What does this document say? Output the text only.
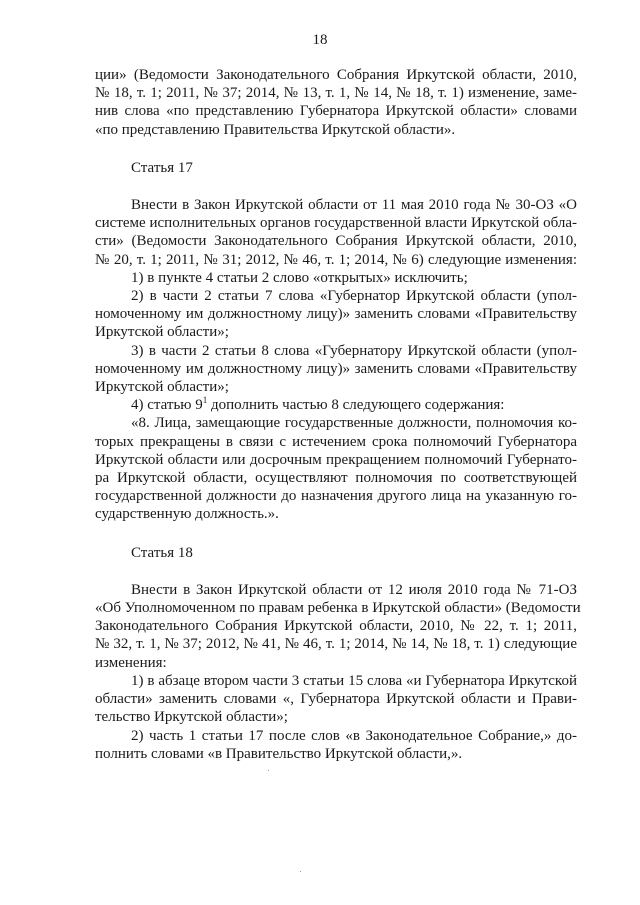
18
ции» (Ведомости Законодательного Собрания Иркутской области, 2010,
№ 18, т. 1; 2011, № 37; 2014, № 13, т. 1, № 14, № 18, т. 1) изменение, заме-
нив слова «по представлению Губернатора Иркутской области» словами
«по представлению Правительства Иркутской области».
Статья 17
Внести в Закон Иркутской области от 11 мая 2010 года № 30-ОЗ «О
системе исполнительных органов государственной власти Иркутской обла-
сти» (Ведомости Законодательного Собрания Иркутской области, 2010,
№ 20, т. 1; 2011, № 31; 2012, № 46, т. 1; 2014, № 6) следующие изменения:
1) в пункте 4 статьи 2 слово «открытых» исключить;
2) в части 2 статьи 7 слова «Губернатор Иркутской области (упол-
номоченному им должностному лицу)» заменить словами «Правительству
Иркутской области»;
3) в части 2 статьи 8 слова «Губернатору Иркутской области (упол-
номоченному им должностному лицу)» заменить словами «Правительству
Иркутской области»;
4) статью $9^1$ дополнить частью 8 следующего содержания:
«8. Лица, замещающие государственные должности, полномочия ко-
торых прекращены в связи с истечением срока полномочий Губернатора
Иркутской области или досрочным прекращением полномочий Губернато-
ра Иркутской области, осуществляют полномочия по соответствующей
государственной должности до назначения другого лица на указанную го-
сударственную должность.».
Статья 18
Внести в Закон Иркутской области от 12 июля 2010 года № 71-ОЗ
«Об Уполномоченном по правам ребенка в Иркутской области» (Ведомости
Законодательного Собрания Иркутской области, 2010, № 22, т. 1; 2011,
№ 32, т. 1, № 37; 2012, № 41, № 46, т. 1; 2014, № 14, № 18, т. 1) следующие
изменения:
1) в абзаце втором части 3 статьи 15 слова «и Губернатора Иркутской
области» заменить словами «, Губернатора Иркутской области и Прави-
тельство Иркутской области»;
2) часть 1 статьи 17 после слов «в Законодательное Собрание,» до-
полнить словами «в Правительство Иркутской области,».
